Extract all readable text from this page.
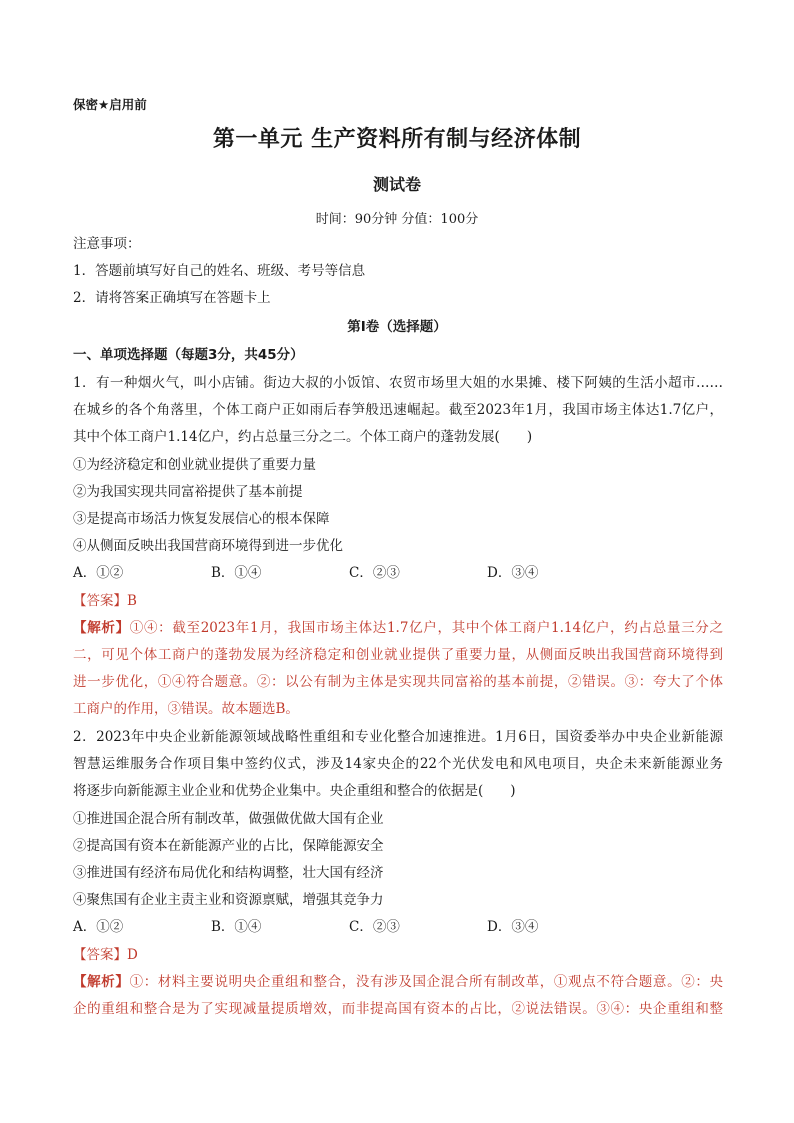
保密★启用前
第一单元 生产资料所有制与经济体制
测试卷
时间：90分钟 分值：100分
注意事项：
1．答题前填写好自己的姓名、班级、考号等信息
2．请将答案正确填写在答题卡上
第I卷（选择题）
一、单项选择题（每题3分，共45分）
1．有一种烟火气，叫小店铺。街边大叔的小饭馆、农贸市场里大姐的水果摊、楼下阿姨的生活小超市……
在城乡的各个角落里，个体工商户正如雨后春笋般迅速崛起。截至2023年1月，我国市场主体达1.7亿户，
其中个体工商户1.14亿户，约占总量三分之二。个体工商户的蓬勃发展(　　)
①为经济稳定和创业就业提供了重要力量
②为我国实现共同富裕提供了基本前提
③是提高市场活力恢复发展信心的根本保障
④从侧面反映出我国营商环境得到进一步优化
A．①②	B．①④	C．②③	D．③④
【答案】B
【解析】①④：截至2023年1月，我国市场主体达1.7亿户，其中个体工商户1.14亿户，约占总量三分之
二，可见个体工商户的蓬勃发展为经济稳定和创业就业提供了重要力量，从侧面反映出我国营商环境得到
进一步优化，①④符合题意。②：以公有制为主体是实现共同富裕的基本前提，②错误。③：夸大了个体
工商户的作用，③错误。故本题选B。
2．2023年中央企业新能源领域战略性重组和专业化整合加速推进。1月6日，国资委举办中央企业新能源
智慧运维服务合作项目集中签约仪式，涉及14家央企的22个光伏发电和风电项目，央企未来新能源业务
将逐步向新能源主业企业和优势企业集中。央企重组和整合的依据是(　　)
①推进国企混合所有制改革，做强做优做大国有企业
②提高国有资本在新能源产业的占比，保障能源安全
③推进国有经济布局优化和结构调整，壮大国有经济
④聚焦国有企业主责主业和资源禀赋，增强其竞争力
A．①②	B．①④	C．②③	D．③④
【答案】D
【解析】①：材料主要说明央企重组和整合，没有涉及国企混合所有制改革，①观点不符合题意。②：央
企的重组和整合是为了实现减量提质增效，而非提高国有资本的占比，②说法错误。③④：央企重组和整
